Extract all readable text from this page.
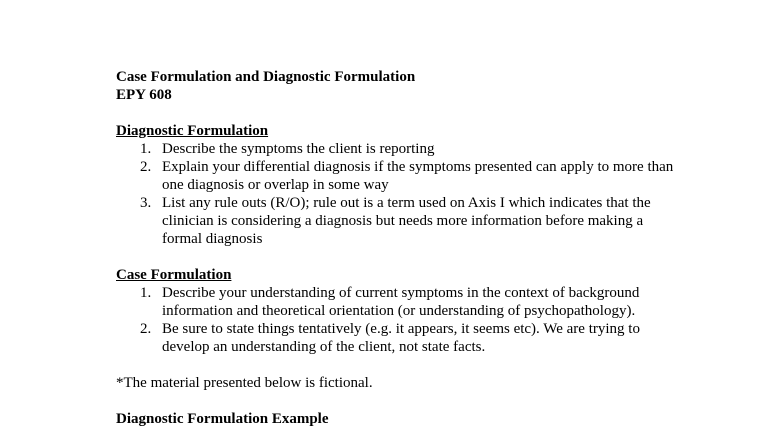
Case Formulation and Diagnostic Formulation
EPY 608
Diagnostic Formulation
1. Describe the symptoms the client is reporting
2. Explain your differential diagnosis if the symptoms presented can apply to more than one diagnosis or overlap in some way
3. List any rule outs (R/O); rule out is a term used on Axis I which indicates that the clinician is considering a diagnosis but needs more information before making a formal diagnosis
Case Formulation
1. Describe your understanding of current symptoms in the context of background information and theoretical orientation (or understanding of psychopathology).
2. Be sure to state things tentatively (e.g. it appears, it seems etc). We are trying to develop an understanding of the client, not state facts.
*The material presented below is fictional.
Diagnostic Formulation Example
